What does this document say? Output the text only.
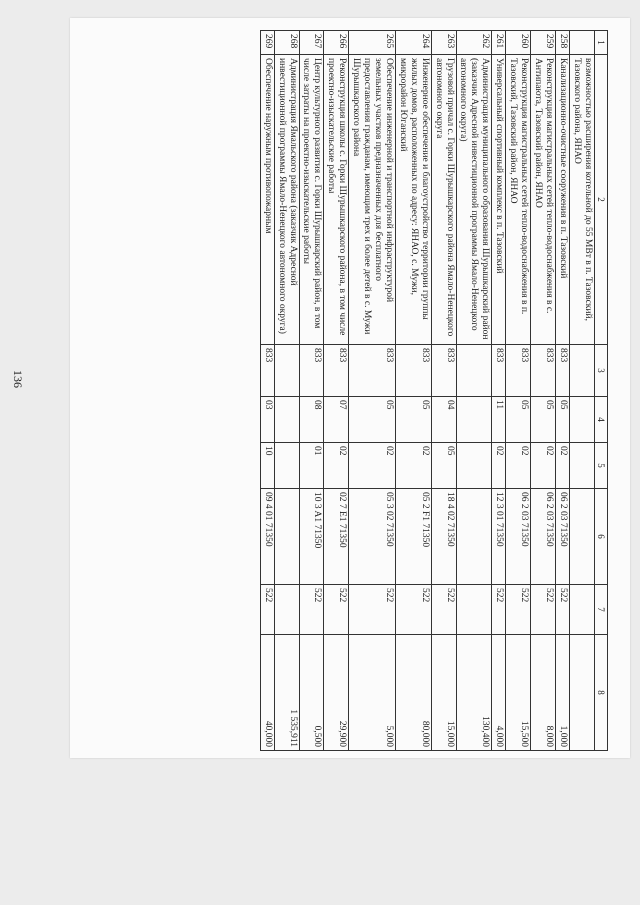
136
1	2	3	4	5	6	7	8
	возможностью расширения котельной до 55 МВт в п. Тазовский, Тазовского района, ЯНАО						
258	Канализационно-очистные сооружения в п. Тазовский	833	05	02	06 2 03 71350	522	1,000
259	Реконструкция магистральных сетей тепло-водоснабжения в с. Антипаюта, Тазовский район, ЯНАО	833	05	02	06 2 03 71350	522	8,000
260	Реконструкция магистральных сетей тепло-водоснабжения в п. Тазовский, Тазовский район, ЯНАО	833	05	02	06 2 03 71350	522	15,500
261	Универсальный спортивный комплекс в п. Тазовский	833	11	02	12 3 01 71350	522	4,000
262	Администрация муниципального образования Шурышкарский район (заказчик Адресной инвестиционной программы Ямало-Ненецкого автономного округа)						130,400
263	Грузовой причал с. Горки Шурышкарского района Ямало-Ненецкого автономного округа	833	04	05	18 4 02 71350	522	15,000
264	Инженерное обеспечение и благоустройство территории группы жилых домов, расположенных по адресу: ЯНАО, с. Мужи, микрорайон Юганский	833	05	02	05 2 F1 71350	522	80,000
265	Обеспечение инженерной и транспортной инфраструктурой земельных участков предназначенных для бесплатного предоставления гражданам, имеющим трех и более детей в с. Мужи Шурышкарского района	833	05	02	05 3 02 71350	522	5,000
266	Реконструкция школы с. Горки Шурышкарского района, в том числе проектно-изыскательские работы	833	07	02	02 7 E1 71350	522	29,900
267	Центр культурного развития с. Горки Шурышкарский район, в том числе затраты на проектно-изыскательские работы	833	08	01	10 3 A1 71350	522	0,500
268	Администрация Ямальского района (заказчик Адресной инвестиционной программы Ямало-Ненецкого автономного округа)						1 535,911
269	Обеспечение наружным противопожарным	833	03	10	09 4 01 71350	522	40,000
